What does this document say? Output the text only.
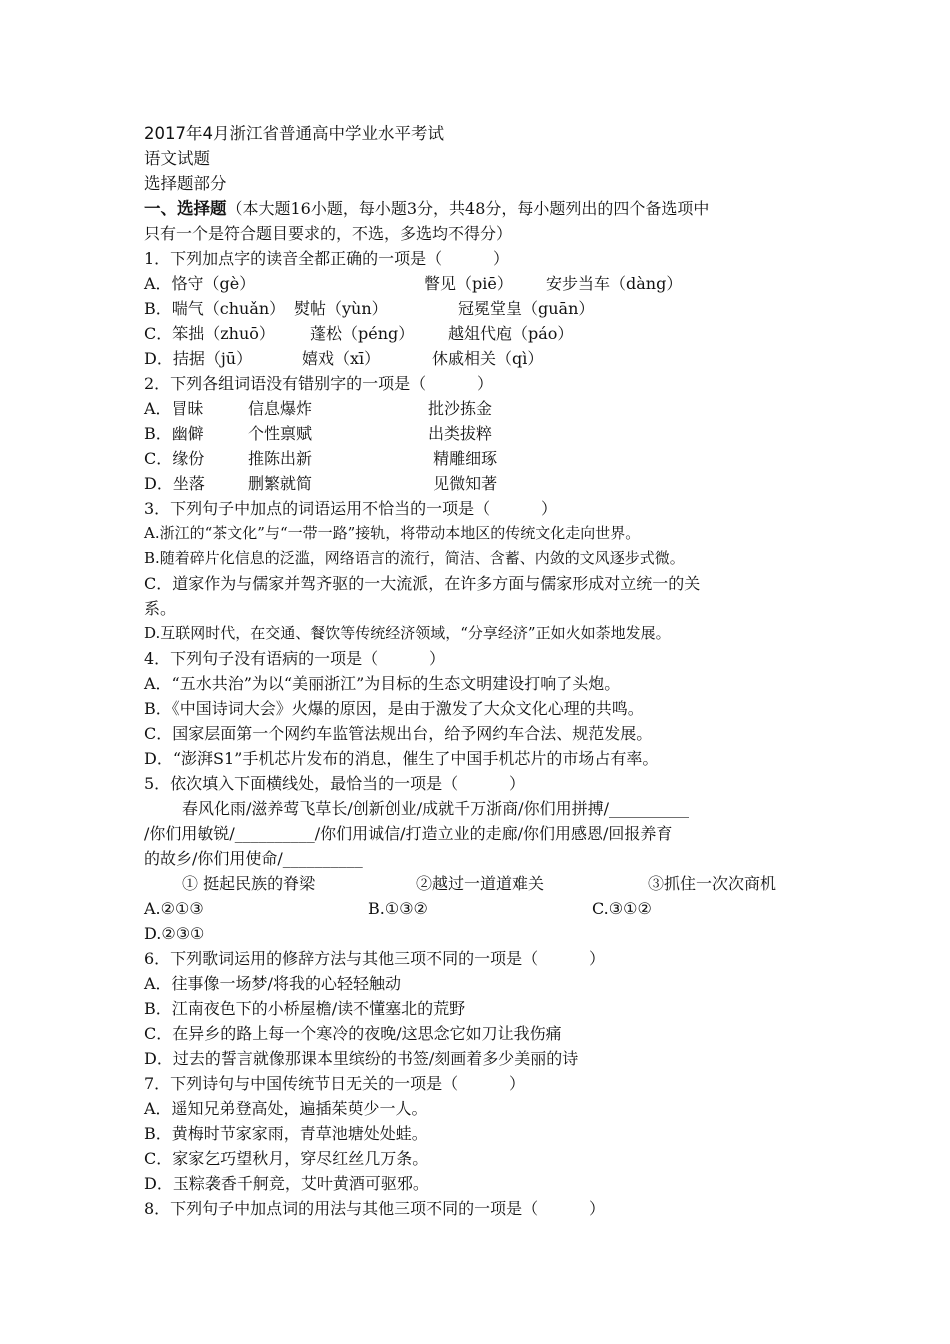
2017年4月浙江省普通高中学业水平考试
语文试题
选择题部分
一、选择题（本大题16小题，每小题3分，共48分，每小题列出的四个备选项中
只有一个是符合题目要求的，不选，多选均不得分）
1．下列加点字的读音全都正确的一项是（          ）
A．恪守（gè）	瞥见（piē）	安步当车（dàng）
B．喘气（chuǎn） 熨帖（yùn）	冠冕堂皇（guān）
C．笨拙（zhuō）	蓬松（péng）	越俎代庖（páo）
D．拮据（jū）	嬉戏（xī）	休戚相关（qì）
2．下列各组词语没有错别字的一项是（          ）
A．冒昧	信息爆炸	批沙拣金
B．幽僻	个性禀赋	出类拔粹
C．缘份	推陈出新	精雕细琢
D．坐落	删繁就简	见微知著
3．下列句子中加点的词语运用不恰当的一项是（          ）
A.浙江的“茶文化”与“一带一路”接轨，将带动本地区的传统文化走向世界。
B.随着碎片化信息的泛滥，网络语言的流行，简洁、含蓄、内敛的文风逐步式微。
C．道家作为与儒家并驾齐驱的一大流派，在许多方面与儒家形成对立统一的关
系。
D.互联网时代，在交通、餐饮等传统经济领域，“分享经济”正如火如荼地发展。
4．下列句子没有语病的一项是（          ）
A．“五水共治”为以“美丽浙江”为目标的生态文明建设打响了头炮。
B．《中国诗词大会》火爆的原因，是由于激发了大众文化心理的共鸣。
C．国家层面第一个网约车监管法规出台，给予网约车合法、规范发展。
D．“澎湃S1”手机芯片发布的消息，催生了中国手机芯片的市场占有率。
5．依次填入下面横线处，最恰当的一项是（          ）
春风化雨/滋养莺飞草长/创新创业/成就千万浙商/你们用拼搏/__________
/你们用敏锐/__________/你们用诚信/打造立业的走廊/你们用感恩/回报养育
的故乡/你们用使命/__________
① 挺起民族的脊梁	②越过一道道难关	③抓住一次次商机
A.②①③	B.①③②	C.③①②
D.②③①
6．下列歌词运用的修辞方法与其他三项不同的一项是（          ）
A．往事像一场梦/将我的心轻轻触动
B．江南夜色下的小桥屋檐/读不懂塞北的荒野
C．在异乡的路上每一个寒冷的夜晚/这思念它如刀让我伤痛
D．过去的誓言就像那课本里缤纷的书签/刻画着多少美丽的诗
7．下列诗句与中国传统节日无关的一项是（          ）
A．遥知兄弟登高处，遍插茱萸少一人。
B．黄梅时节家家雨，青草池塘处处蛙。
C．家家乞巧望秋月，穿尽红丝几万条。
D．玉粽袭香千舸竞，艾叶黄酒可驱邪。
8．下列句子中加点词的用法与其他三项不同的一项是（          ）
